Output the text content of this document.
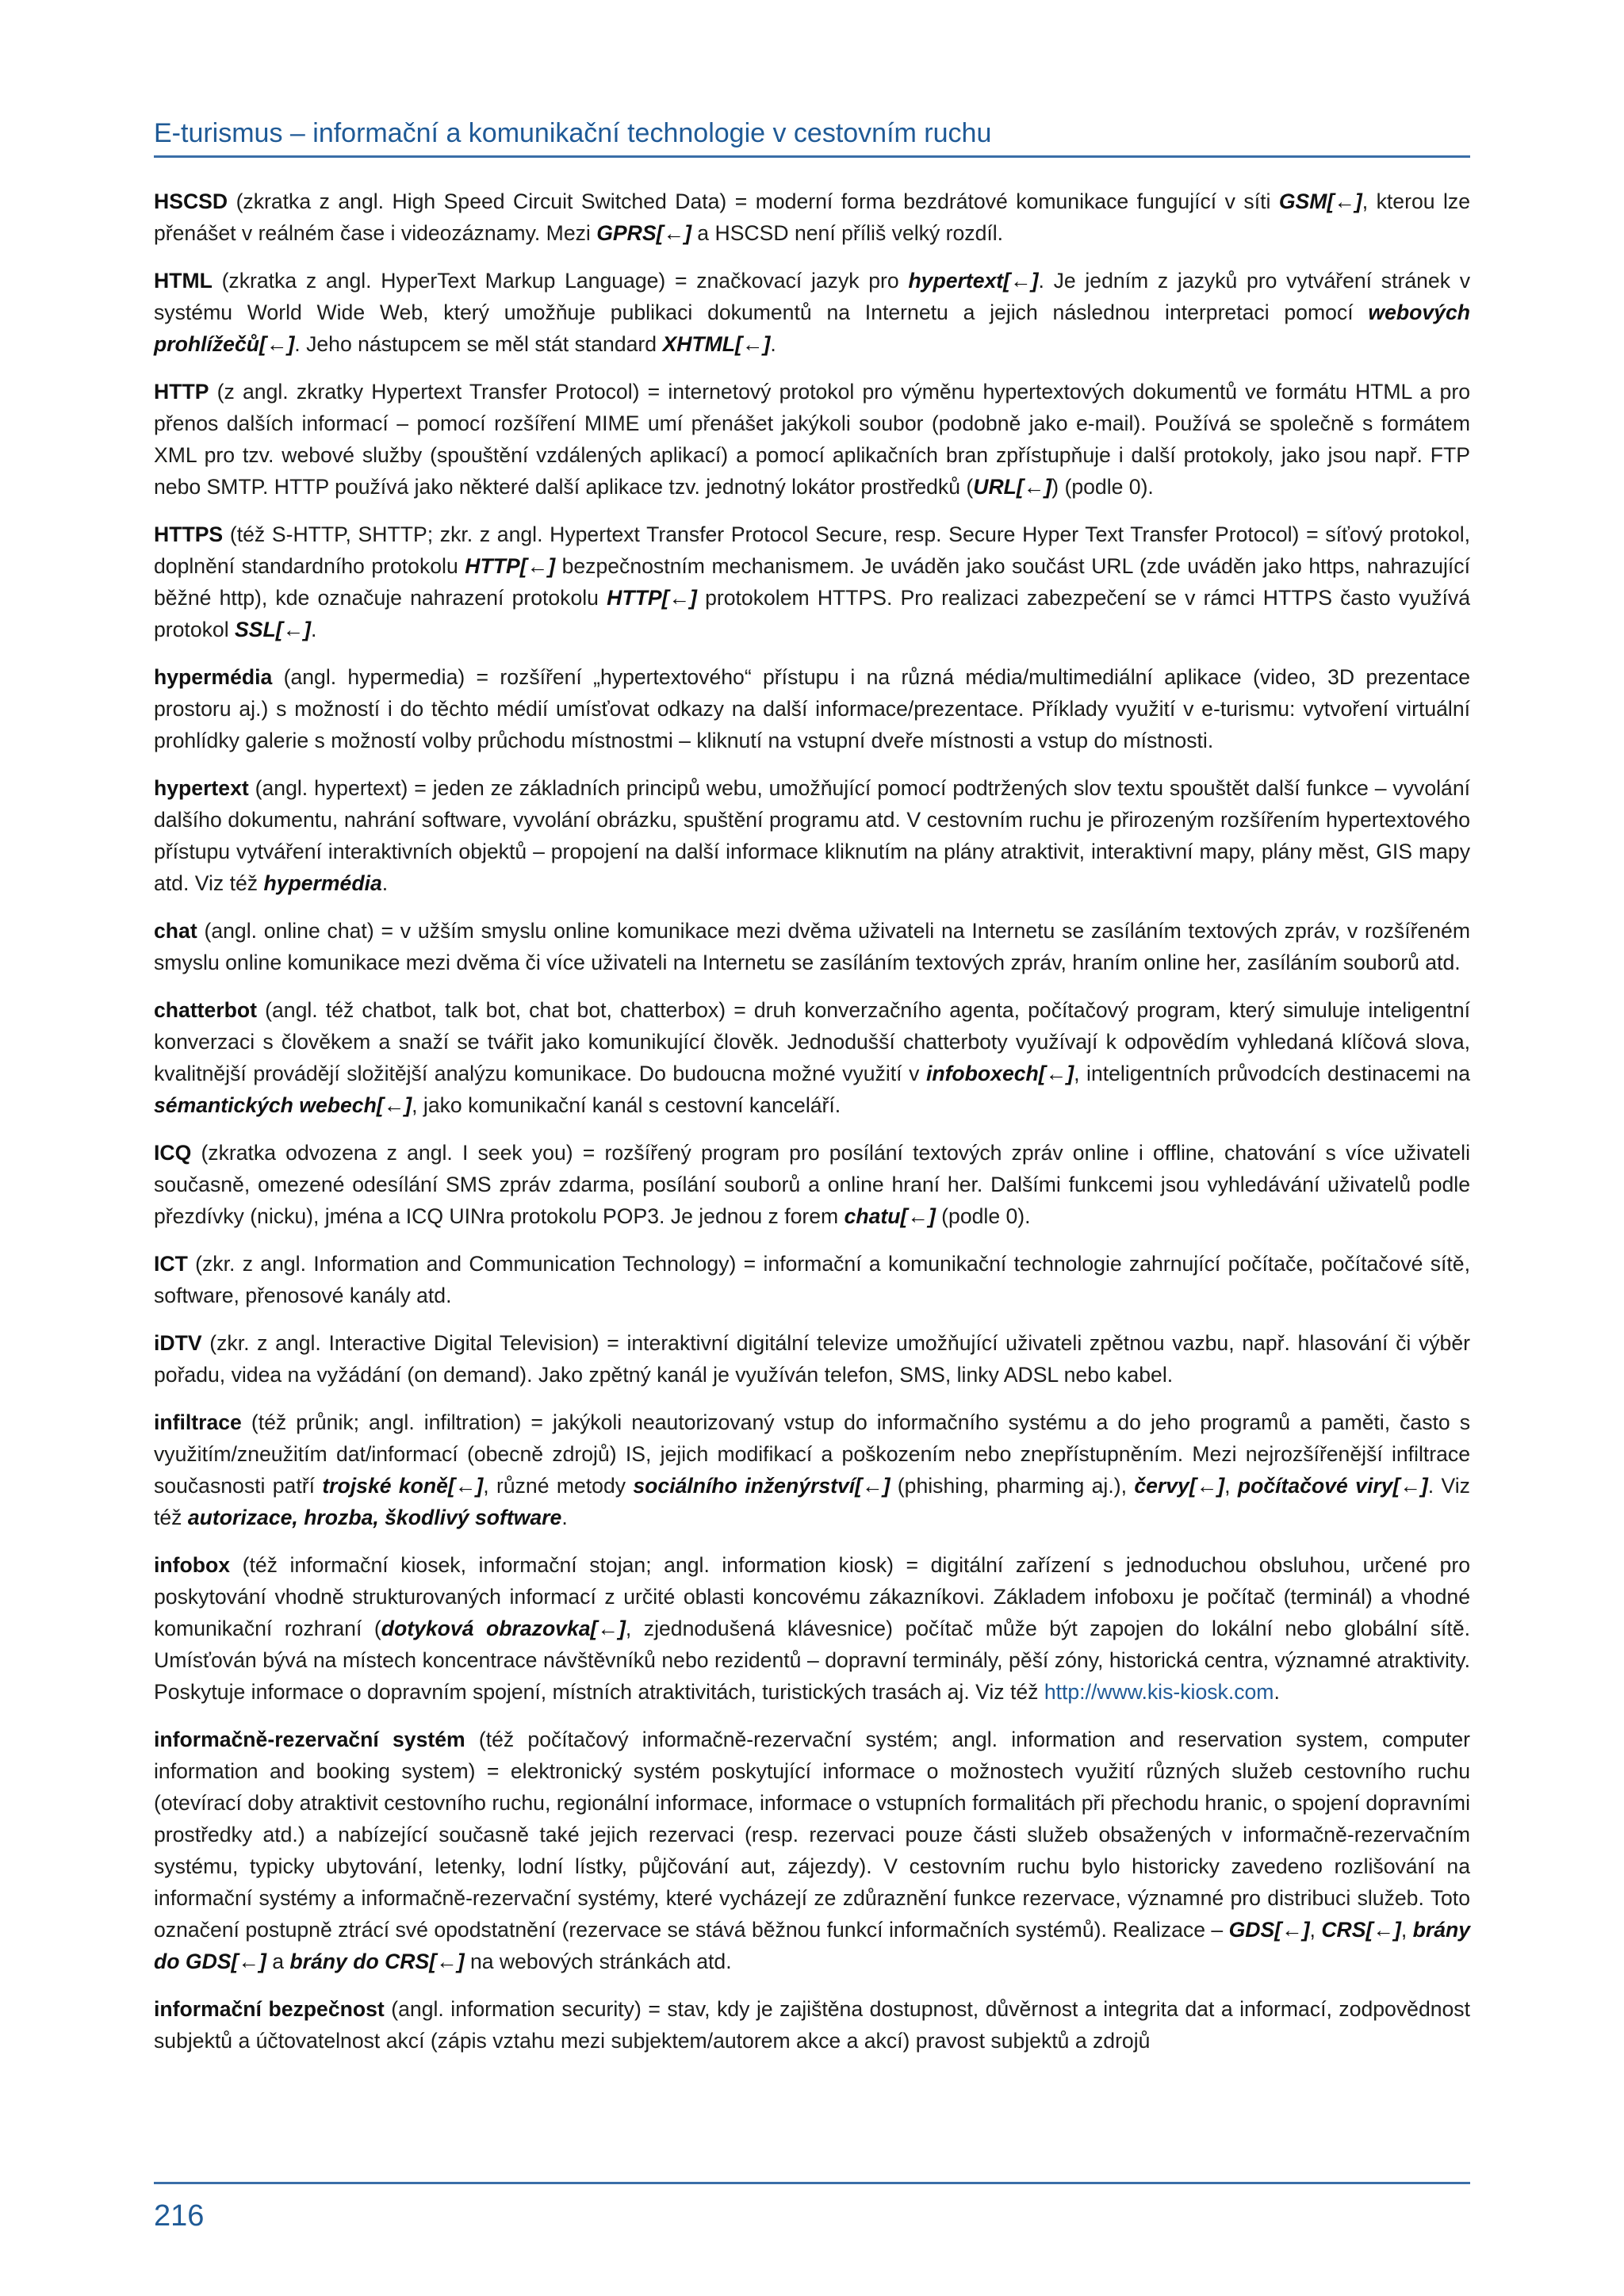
E-turismus – informační a komunikační technologie v cestovním ruchu

HSCSD (zkratka z angl. High Speed Circuit Switched Data) = moderní forma bezdrátové komunikace fungující v síti GSM[←], kterou lze přenášet v reálném čase i videozáznamy. Mezi GPRS[←] a HSCSD není příliš velký rozdíl.

HTML (zkratka z angl. HyperText Markup Language) = značkovací jazyk pro hypertext[←]. Je jedním z jazyků pro vytváření stránek v systému World Wide Web, který umožňuje publikaci dokumentů na Internetu a jejich následnou interpretaci pomocí webových prohlížečů[←]. Jeho nástupcem se měl stát standard XHTML[←].

HTTP (z angl. zkratky Hypertext Transfer Protocol) = internetový protokol pro výměnu hypertextových dokumentů ve formátu HTML a pro přenos dalších informací – pomocí rozšíření MIME umí přenášet jakýkoli soubor (podobně jako e-mail). Používá se společně s formátem XML pro tzv. webové služby (spouštění vzdálených aplikací) a pomocí aplikačních bran zpřístupňuje i další protokoly, jako jsou např. FTP nebo SMTP. HTTP používá jako některé další aplikace tzv. jednotný lokátor prostředků (URL[←]) (podle 0).

HTTPS (též S-HTTP, SHTTP; zkr. z angl. Hypertext Transfer Protocol Secure, resp. Secure Hyper Text Transfer Protocol) = síťový protokol, doplnění standardního protokolu HTTP[←] bezpečnostním mechanismem. Je uváděn jako součást URL (zde uváděn jako https, nahrazující běžné http), kde označuje nahrazení protokolu HTTP[←] protokolem HTTPS. Pro realizaci zabezpečení se v rámci HTTPS často využívá protokol SSL[←].

hypermédia (angl. hypermedia) = rozšíření „hypertextového“ přístupu i na různá média/multimediální aplikace (video, 3D prezentace prostoru aj.) s možností i do těchto médií umísťovat odkazy na další informace/prezentace. Příklady využití v e-turismu: vytvoření virtuální prohlídky galerie s možností volby průchodu místnostmi – kliknutí na vstupní dveře místnosti a vstup do místnosti.

hypertext (angl. hypertext) = jeden ze základních principů webu, umožňující pomocí podtržených slov textu spouštět další funkce – vyvolání dalšího dokumentu, nahrání software, vyvolání obrázku, spuštění programu atd. V cestovním ruchu je přirozeným rozšířením hypertextového přístupu vytváření interaktivních objektů – propojení na další informace kliknutím na plány atraktivit, interaktivní mapy, plány měst, GIS mapy atd. Viz též hypermédia.

chat (angl. online chat) = v užším smyslu online komunikace mezi dvěma uživateli na Internetu se zasíláním textových zpráv, v rozšířeném smyslu online komunikace mezi dvěma či více uživateli na Internetu se zasíláním textových zpráv, hraním online her, zasíláním souborů atd.

chatterbot (angl. též chatbot, talk bot, chat bot, chatterbox) = druh konverzačního agenta, počítačový program, který simuluje inteligentní konverzaci s člověkem a snaží se tvářit jako komunikující člověk. Jednodušší chatterboty využívají k odpovědím vyhledaná klíčová slova, kvalitnější provádějí složitější analýzu komunikace. Do budoucna možné využití v infoboxech[←], inteligentních průvodcích destinacemi na sémantických webech[←], jako komunikační kanál s cestovní kanceláří.

ICQ (zkratka odvozena z angl. I seek you) = rozšířený program pro posílání textových zpráv online i offline, chatování s více uživateli současně, omezené odesílání SMS zpráv zdarma, posílání souborů a online hraní her. Dalšími funkcemi jsou vyhledávání uživatelů podle přezdívky (nicku), jména a ICQ UINra protokolu POP3. Je jednou z forem chatu[←] (podle 0).

ICT (zkr. z angl. Information and Communication Technology) = informační a komunikační technologie zahrnující počítače, počítačové sítě, software, přenosové kanály atd.

iDTV (zkr. z angl. Interactive Digital Television) = interaktivní digitální televize umožňující uživateli zpětnou vazbu, např. hlasování či výběr pořadu, videa na vyžádání (on demand). Jako zpětný kanál je využíván telefon, SMS, linky ADSL nebo kabel.

infiltrace (též průnik; angl. infiltration) = jakýkoli neautorizovaný vstup do informačního systému a do jeho programů a paměti, často s využitím/zneužitím dat/informací (obecně zdrojů) IS, jejich modifikací a poškozením nebo znepřístupněním. Mezi nejrozšířenější infiltrace současnosti patří trojské koně[←], různé metody sociálního inženýrství[←] (phishing, pharming aj.), červy[←], počítačové viry[←]. Viz též autorizace, hrozba, škodlivý software.

infobox (též informační kiosek, informační stojan; angl. information kiosk) = digitální zařízení s jednoduchou obsluhou, určené pro poskytování vhodně strukturovaných informací z určité oblasti koncovému zákazníkovi. Základem infoboxu je počítač (terminál) a vhodné komunikační rozhraní (dotyková obrazovka[←], zjednodušená klávesnice) počítač může být zapojen do lokální nebo globální sítě. Umísťován bývá na místech koncentrace návštěvníků nebo rezidentů – dopravní terminály, pěší zóny, historická centra, významné atraktivity. Poskytuje informace o dopravním spojení, místních atraktivitách, turistických trasách aj. Viz též http://www.kis-kiosk.com.

informačně-rezervační systém (též počítačový informačně-rezervační systém; angl. information and reservation system, computer information and booking system) = elektronický systém poskytující informace o možnostech využití různých služeb cestovního ruchu (otevírací doby atraktivit cestovního ruchu, regionální informace, informace o vstupních formalitách při přechodu hranic, o spojení dopravními prostředky atd.) a nabízející současně také jejich rezervaci (resp. rezervaci pouze části služeb obsažených v informačně-rezervačním systému, typicky ubytování, letenky, lodní lístky, půjčování aut, zájezdy). V cestovním ruchu bylo historicky zavedeno rozlišování na informační systémy a informačně-rezervační systémy, které vycházejí ze zdůraznění funkce rezervace, významné pro distribuci služeb. Toto označení postupně ztrácí své opodstatnění (rezervace se stává běžnou funkcí informačních systémů). Realizace – GDS[←], CRS[←], brány do GDS[←] a brány do CRS[←] na webových stránkách atd.

informační bezpečnost (angl. information security) = stav, kdy je zajištěna dostupnost, důvěrnost a integrita dat a informací, zodpovědnost subjektů a účtovatelnost akcí (zápis vztahu mezi subjektem/autorem akce a akcí) pravost subjektů a zdrojů

216
